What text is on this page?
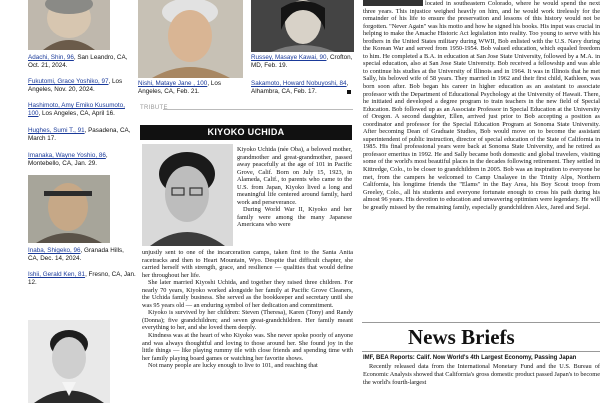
Adachi, Shin, 96, San Leandro, CA, Oct. 21, 2024.
Fukutomi, Grace Yoshiko, 97, Los Angeles, Nov. 20, 2024.
Hashimoto, Amy Emiko Kusumoto, 100, Los Angeles, CA, April 16.
Hughes, Sumi T., 91, Pasadena, CA, March 17.
Imanaka, Wayne Yoshio, 86, Montebello, CA, Jan. 29.
Inaba, Shigeko, 96, Granada Hills, CA, Dec. 14, 2024.
Ishii, Gerald Ken, 81, Fresno, CA, Jan. 12.
Nishi, Mataye Jane , 100, Los Angeles, CA, Feb. 21.
Russey, Masaye Kawai, 90, Crofton, MD, Feb. 19.
Sakamoto, Howard Nobuyoshi, 84, Alhambra, CA, Feb. 17.
TRIBUTE
KIYOKO UCHIDA

Kiyoko Uchida (née Oba), a beloved mother, grandmother and great-grandmother, passed away peacefully at the age of 101 in Pacific Grove, Calif. Born on July 15, 1923, in Alameda, Calif., to parents who came to the U.S. from Japan, Kiyoko lived a long and meaningful life centered around family, hard work and perseverance.

During World War II, Kiyoko and her family were among the many Japanese Americans who were

unjustly sent to one of the incarceration camps, taken first to the Santa Anita racetracks and then to Heart Mountain, Wyo. Despite that difficult chapter, she carried herself with strength, grace, and resilience — qualities that would define her throughout her life.

She later married Kiyoshi Uchida, and together they raised three children. For nearly 70 years, Kiyoko worked alongside her family at Pacific Grove Cleaners, the Uchida family business. She served as the bookkeeper and secretary until she was 95 years old — an enduring symbol of her dedication and commitment.

Kiyoko is survived by her children: Steven (Theresa), Karen (Tony) and Randy (Donna); five grandchildren; and seven great-grandchildren. Her family meant everything to her, and she loved them deeply.

Kindness was at the heart of who Kiyoko was. She never spoke poorly of anyone and was always thoughtful and loving to those around her. She found joy in the little things — like playing rummy tile with close friends and spending time with her family playing board games or watching her favorite shows.

Not many people are lucky enough to live to 101, and reaching that

located in southeastern Colorado, where he would spend the next three years. This injustice weighed heavily on him, and he would work tirelessly for the remainder of his life to ensure the preservation and lessons of this history would not be forgotten. "Never Again" was his motto and how he signed his books. His input was crucial in helping to make the Amache Historic Act legislation into reality. Too young to serve with his brothers in the United States military during WWII, Bob enlisted with the U.S. Navy during the Korean War and served from 1950-1954. Bob valued education, which equaled freedom to him. He completed a B.A. in education at San Jose State University, followed by a M.A. in special education, also at San Jose State University. Bob received a fellowship and was able to continue his studies at the University of Illinois and in 1964. It was in Illinois that he met Sally, his beloved wife of 58 years. They married in 1962 and their first child, Kathleen, was born soon after. Bob began his career in higher education as an assistant to associate professor with the Department of Educational Psychology at the University of Hawaii. There, he initiated and developed a degree program to train teachers in the new field of Special Education. Bob followed up as an Associate Professor in Special Education at the University of Oregon. A second daughter, Ellen, arrived just prior to Bob accepting a position as coordinator and professor for the Special Education Program at Sonoma State University. After becoming Dean of Graduate Studies, Bob would move on to become the assistant superintendent of public instruction, director of special education of the State of California in 1985. His final professional years were back at Sonoma State University, and he retired as professor emeritus in 1992. He and Sally became both domestic and global travelers, visiting some of the world's most beautiful places in the decades following retirement. They settled in Kittredge, Colo., to be closer to grandchildren in 2005. Bob was an inspiration to everyone he met, from the campers he welcomed to Camp Unalayee in the Trinity Alps, Northern California, his longtime friends the "Elams" in the Bay Area, his Boy Scout troop from Greeley, Colo., all his students and everyone fortunate enough to cross his path during his almost 96 years. His devotion to education and unwavering optimism were legendary. He will be greatly missed by the remaining family, especially grandchildren Alex, Jared and Sejal.

News Briefs
IMF, BEA Reports: Calif. Now World's 4th Largest Economy, Passing Japan

Recently released data from the International Monetary Fund and the U.S. Bureau of Economic Analysis showed that California's gross domestic product passed Japan's to become the world's fourth-largest
